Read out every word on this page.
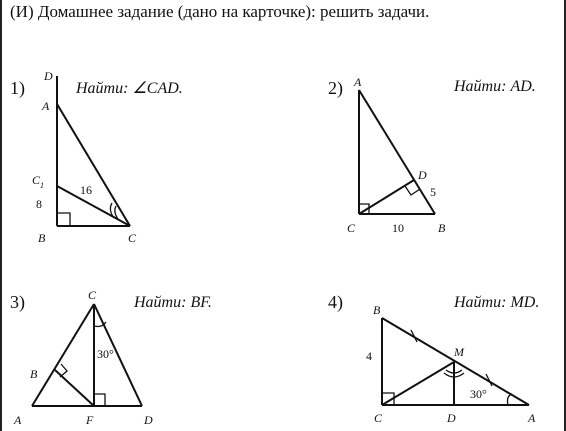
(И) Домашнее задание (дано на карточке): решить задачи.
1)	Найти: ∠CAD.	2)	Найти: AD.
3)	Найти: BF.	4)	Найти: MD.
D
A
C 1	16
8
B	C
A
D
5
C	10	B
C
30°
B
A	F	D
B
4	M
30°
C	D	A
